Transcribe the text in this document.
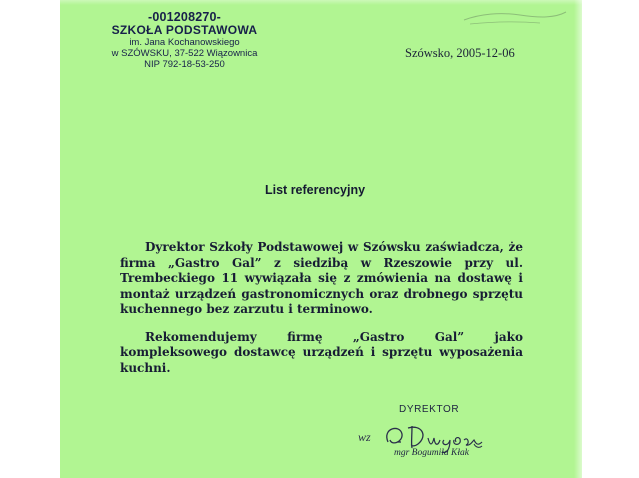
-001208270-
SZKOŁA PODSTAWOWA
im. Jana Kochanowskiego
w SZÓWSKU, 37-522 Wiązownica
NIP 792-18-53-250
Szówsko, 2005-12-06
List referencyjny

Dyrektor Szkoły Podstawowej w Szówsku zaświadcza, że firma „Gastro Gal” z siedzibą w Rzeszowie przy ul. Trembeckiego 11 wywiązała się z zmówienia na dostawę i montaż urządzeń gastronomicznych oraz drobnego sprzętu kuchennego bez zarzutu i terminowo.

Rekomendujemy firmę „Gastro Gal” jako kompleksowego dostawcę urządzeń i sprzętu wyposażenia kuchni.

DYREKTOR
wz
mgr Bogumiła Kłak
